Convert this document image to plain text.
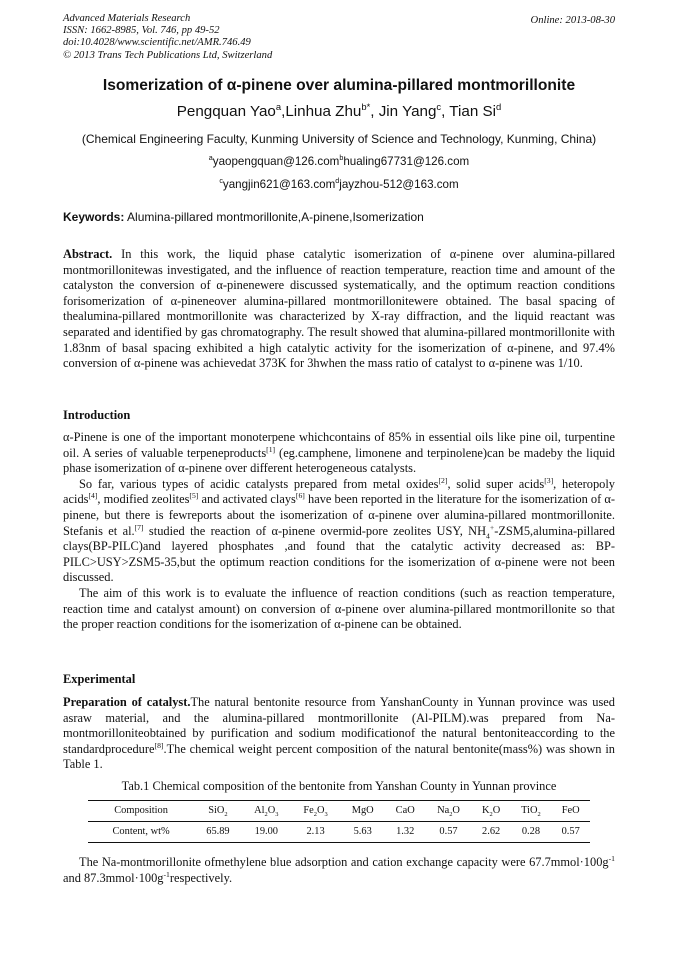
Advanced Materials Research
ISSN: 1662-8985, Vol. 746, pp 49-52
doi:10.4028/www.scientific.net/AMR.746.49
© 2013 Trans Tech Publications Ltd, Switzerland
Online: 2013-08-30
Isomerization of α-pinene over alumina-pillared montmorillonite
Pengquan Yao$^a$,Linhua Zhu$^{b*}$, Jin Yang$^c$, Tian Si$^d$
(Chemical Engineering Faculty, Kunming University of Science and Technology, Kunming, China)
$^a$yaopengquan@126.com$^b$hualing67731@126.com
$^c$yangjin621@163.com$^d$jayzhou-512@163.com
Keywords: Alumina-pillared montmorillonite,A-pinene,Isomerization
Abstract. In this work, the liquid phase catalytic isomerization of α-pinene over alumina-pillared montmorillonitewas investigated, and the influence of reaction temperature, reaction time and amount of the catalyston the conversion of α-pinenewere discussed systematically, and the optimum reaction conditions forisomerization of α-pineneover alumina-pillared montmorillonitewere obtained. The basal spacing of thealumina-pillared montmorillonite was characterized by X-ray diffraction, and the liquid reactant was separated and identified by gas chromatography. The result showed that alumina-pillared montmorillonite with 1.83nm of basal spacing exhibited a high catalytic activity for the isomerization of α-pinene, and 97.4% conversion of α-pinene was achievedat 373K for 3hwhen the mass ratio of catalyst to α-pinene was 1/10.
Introduction

α-Pinene is one of the important monoterpene whichcontains of 85% in essential oils like pine oil, turpentine oil. A series of valuable terpeneproducts[1] (eg.camphene, limonene and terpinolene)can be madeby the liquid phase isomerization of α-pinene over different heterogeneous catalysts.

So far, various types of acidic catalysts prepared from metal oxides[2], solid super acids[3], heteropoly acids[4], modified zeolites[5] and activated clays[6] have been reported in the literature for the isomerization of α-pinene, but there is fewreports about the isomerization of α-pinene over alumina-pillared montmorillonite. Stefanis et al.[7] studied the reaction of α-pinene overmid-pore zeolites USY, $NH_4^+-ZSM5,alumina$-pillared clays(BP-PILC)and layered phosphates ,and found that the catalytic activity decreased as: BP-PILC>USY>ZSM5-35,but the optimum reaction conditions for the isomerization of α-pinene were not been discussed.

The aim of this work is to evaluate the influence of reaction conditions (such as reaction temperature, reaction time and catalyst amount) on conversion of α-pinene over alumina-pillared montmorillonite so that the proper reaction conditions for the isomerization of α-pinene can be obtained.

Experimental

Preparation of catalyst.The natural bentonite resource from YanshanCounty in Yunnan province was used asraw material, and the alumina-pillared montmorillonite (Al-PILM).was prepared from Na-montmorilloniteobtained by purification and sodium modificationof the natural bentoniteaccording to the standardprocedure[8].The chemical weight percent composition of the natural bentonite(mass%) was shown in Table 1.

Tab.1 Chemical composition of the bentonite from Yanshan County in Yunnan province
Composition	SiO$_2$	$Al_2O_3$	$Fe_2O_3$	MgO	CaO	$Na_2O$	$K_2O$	TiO$_2$	FeO
Content, wt%	65.89	19.00	2.13	5.63	1.32	0.57	2.62	0.28	0.57

The Na-montmorillonite ofmethylene blue adsorption and cation exchange capacity were $67.7mmol\cdot 100g^{-1}$ and $87.3mmol\cdot 100g^{-1}respectively$.
